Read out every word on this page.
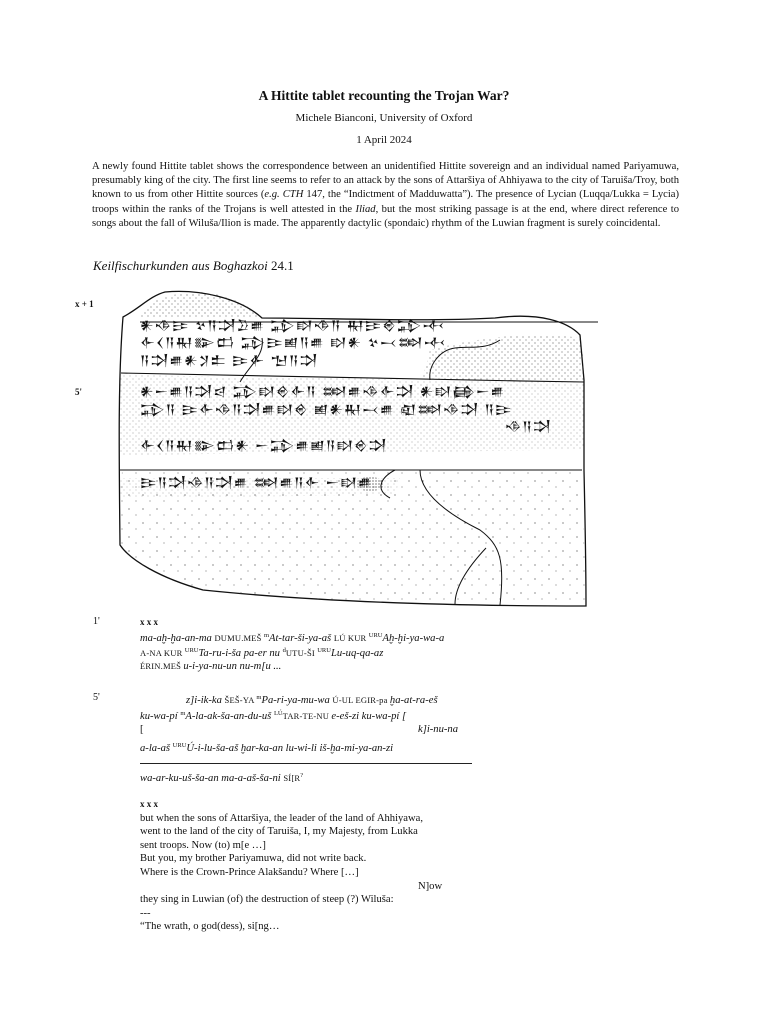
A Hittite tablet recounting the Trojan War?
Michele Bianconi, University of Oxford
1 April 2024
A newly found Hittite tablet shows the correspondence between an unidentified Hittite sovereign and an individual named Pariyamuwa, presumably king of the city. The first line seems to refer to an attack by the sons of Attaršiya of Ahhiyawa to the city of Taruiša/Troy, both known to us from other Hittite sources (e.g. CTH 147, the “Indictment of Madduwatta”). The presence of Lycian (Luqqa/Lukka = Lycia) troops within the ranks of the Trojans is well attested in the Iliad, but the most striking passage is at the end, where direct reference to songs about the fall of Wiluša/Ilion is made. The apparently dactylic (spondaic) rhythm of the Luwian fragment is surely coincidental.
Keilfischurkunden aus Boghazkoi 24.1
x + 1
5'
𒀭𒈾𒄿 𒆳𒀀𒋫𒊒𒌑 𒁉𒊭𒈾𒀀 𒊑𒄿𒄴𒁉𒋾
𒅆𒌋𒀀𒊑𒅔𒆗 𒁉𒄿𒅖𒀀𒌑 𒊭𒀭 𒆳𒁁𒇷𒋾
𒀀𒋫𒌑𒀭𒋡𒉺 𒄿𒅆 𒈠𒀀𒋫
𒀭𒀸𒌑𒀀𒋫𒁀 𒁉𒊭𒄴𒅆𒀀 𒇷𒌑𒈾𒅆𒋫 𒀭𒊭𒂵𒀸𒌑
𒁉𒀀 𒄿𒅆𒈾𒀀𒋫𒌑𒊭𒄴 𒅖𒀭𒊑𒁁𒌑 𒊏𒇷𒈾𒋫 𒀀𒄿
𒈾𒀀𒋫
𒅆𒌋𒀀𒊑𒅔𒆗𒀭 𒀸𒁉𒌑𒅖𒀀𒊭𒄴𒋫
𒄿𒀀𒋫𒈾𒀀𒋫𒌑 𒇷𒌑𒀀𒅆 𒀸𒊭𒌑
1'
5'
x x x
ma-aḫ-ḫa-an-ma DUMU.MEŠ $^m$At-tar-ši-ya-aš LÚ KUR $^{URU}$Aḫ-ḫi-ya-wa-a
A-NA KUR $^{URU}$Ta-ru-i-ša pa-er nu $^d$UTU-ŠI $^{URU}$Lu-uq-qa-az
ÉRIN.MEŠ u-i-ya-nu-un nu-m[u ...
z]i-ik-ka ŠEŠ-YA $^m$Pa-ri-ya-mu-wa Ú-UL EGIR-pa ḫa-at-ra-eš
ku-wa-pí $^m$A-la-ak-ša-an-du-uš $^{LÚ}$TAR-TE-NU e-eš-zi ku-wa-pí [
[	k]i-nu-na
a-la-aš $^{URU}$Ú-i-lu-ša-aš ḫar-ka-an lu-wi-li iš-ḫa-mi-ya-an-zi
wa-ar-ku-uš-ša-an ma-a-aš-ša-ni SÍ[R?
x x x
but when the sons of Attaršiya, the leader of the land of Ahhiyawa,
went to the land of the city of Taruiša, I, my Majesty, from Lukka
sent troops. Now (to) m[e …]
But you, my brother Pariyamuwa, did not write back.
Where is the Crown-Prince Alakšandu? Where […]
N]ow
they sing in Luwian (of) the destruction of steep (?) Wiluša:
---
“The wrath, o god(dess), si[ng…
